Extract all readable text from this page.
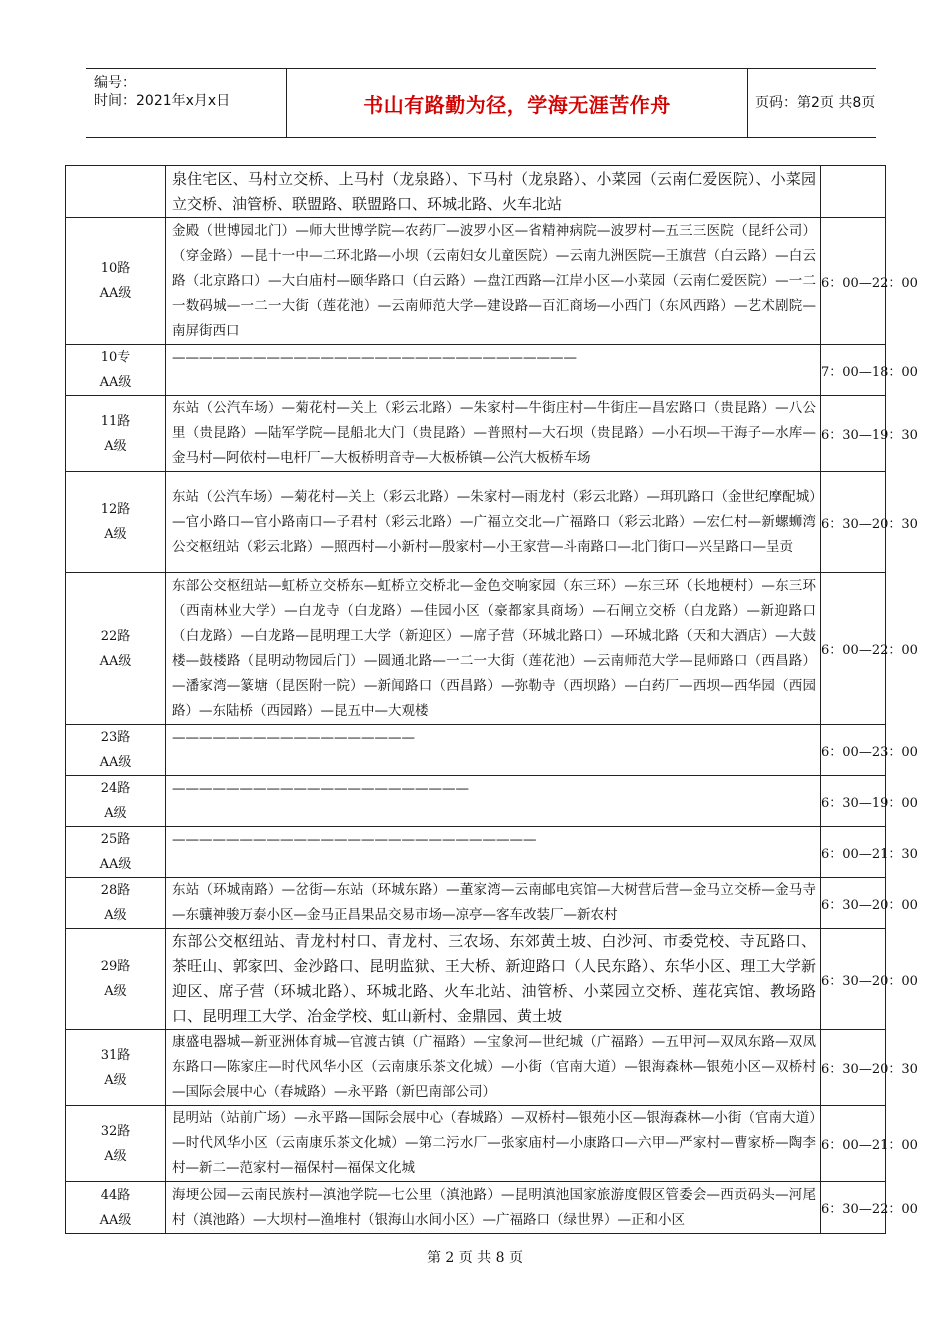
编号：
时间：2021年x月x日	书山有路勤为径，学海无涯苦作舟	页码：第2页 共8页
	泉住宅区、马村立交桥、上马村（龙泉路）、下马村（龙泉路）、小菜园（云南仁爱医院）、小菜园立交桥、油管桥、联盟路、联盟路口、环城北路、火车北站	

10路
AA级	金殿（世博园北门）—师大世博学院—农药厂—波罗小区—省精神病院—波罗村—五三三医院（昆纤公司）（穿金路）—昆十一中—二环北路—小坝（云南妇女儿童医院）—云南九洲医院—王旗营（白云路）—白云路（北京路口）—大白庙村—颐华路口（白云路）—盘江西路—江岸小区—小菜园（云南仁爱医院）—一二一数码城—一二一大街（莲花池）—云南师范大学—建设路—百汇商场—小西门（东风西路）—艺术剧院—南屏街西口	6：00—22：00

10专
AA级	——————————————————————————————	7：00—18：00

11路
A级	东站（公汽车场）—菊花村—关上（彩云北路）—朱家村—牛街庄村—牛街庄—昌宏路口（贵昆路）—八公里（贵昆路）—陆军学院—昆船北大门（贵昆路）—普照村—大石坝（贵昆路）—小石坝—干海子—水库—金马村—阿依村—电杆厂—大板桥明音寺—大板桥镇—公汽大板桥车场	6：30—19：30

12路
A级	东站（公汽车场）—菊花村—关上（彩云北路）—朱家村—雨龙村（彩云北路）—珥玑路口（金世纪摩配城）—官小路口—官小路南口—子君村（彩云北路）—广福立交北—广福路口（彩云北路）—宏仁村—新螺蛳湾公交枢纽站（彩云北路）—照西村—小新村—殷家村—小王家营—斗南路口—北门街口—兴呈路口—呈贡	6：30—20：30

22路
AA级	东部公交枢纽站—虹桥立交桥东—虹桥立交桥北—金色交响家园（东三环）—东三环（长地梗村）—东三环（西南林业大学）—白龙寺（白龙路）—佳园小区（豪都家具商场）—石闸立交桥（白龙路）—新迎路口（白龙路）—白龙路—昆明理工大学（新迎区）—席子营（环城北路口）—环城北路（天和大酒店）—大鼓楼—鼓楼路（昆明动物园后门）—圆通北路—一二一大街（莲花池）—云南师范大学—昆师路口（西昌路）—潘家湾—篆塘（昆医附一院）—新闻路口（西昌路）—弥勒寺（西坝路）—白药厂—西坝—西华园（西园路）—东陆桥（西园路）—昆五中—大观楼	6：00—22：00

23路
AA级	——————————————————	6：00—23：00

24路
A级	——————————————————————	6：30—19：00

25路
AA级	———————————————————————————	6：00—21：30

28路
A级	东站（环城南路）—岔街—东站（环城东路）—董家湾—云南邮电宾馆—大树营后营—金马立交桥—金马寺—东骧神骏万泰小区—金马正昌果品交易市场—凉亭—客车改装厂—新农村	6：30—20：00

29路
A级	东部公交枢纽站、青龙村村口、青龙村、三农场、东郊黄土坡、白沙河、市委党校、寺瓦路口、茶旺山、郭家凹、金沙路口、昆明监狱、王大桥、新迎路口（人民东路）、东华小区、理工大学新迎区、席子营（环城北路）、环城北路、火车北站、油管桥、小菜园立交桥、莲花宾馆、教场路口、昆明理工大学、冶金学校、虹山新村、金鼎园、黄土坡	6：30—20：00

31路
A级	康盛电器城—新亚洲体育城—官渡古镇（广福路）—宝象河—世纪城（广福路）—五甲河—双凤东路—双凤东路口—陈家庄—时代风华小区（云南康乐茶文化城）—小街（官南大道）—银海森林—银苑小区—双桥村—国际会展中心（春城路）—永平路（新巴南部公司）	6：30—20：30

32路
A级	昆明站（站前广场）—永平路—国际会展中心（春城路）—双桥村—银苑小区—银海森林—小街（官南大道）—时代风华小区（云南康乐茶文化城）—第二污水厂—张家庙村—小康路口—六甲—严家村—曹家桥—陶李村—新二—范家村—福保村—福保文化城	6：00—21：00

44路
AA级	海埂公园—云南民族村—滇池学院—七公里（滇池路）—昆明滇池国家旅游度假区管委会—西贡码头—河尾村（滇池路）—大坝村—渔堆村（银海山水间小区）—广福路口（绿世界）—正和小区	6：30—22：00
第 2 页 共 8 页
